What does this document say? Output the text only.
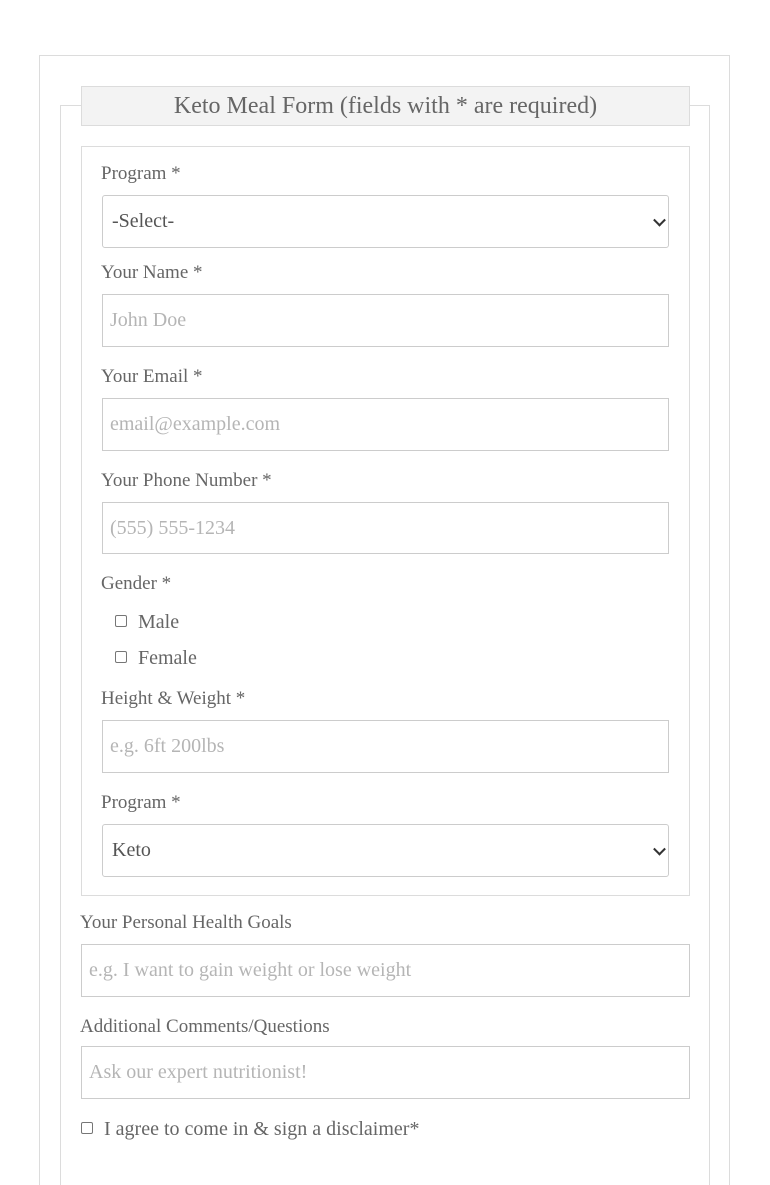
Keto Meal Form (fields with * are required)
Program *
-Select-
Your Name *
John Doe
Your Email *
email@example.com
Your Phone Number *
(555) 555-1234
Gender *
Male
Female
Height & Weight *
e.g. 6ft 200lbs
Program *
Keto
Your Personal Health Goals
e.g. I want to gain weight or lose weight
Additional Comments/Questions
Ask our expert nutritionist!
I agree to come in & sign a disclaimer*
